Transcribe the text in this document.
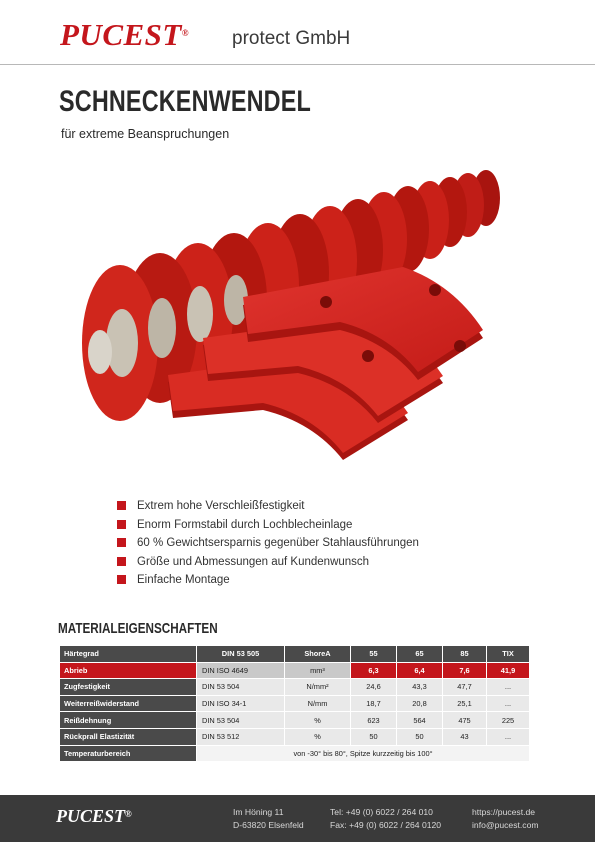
PUCEST® protect GmbH
SCHNECKENWENDEL
für extreme Beanspruchungen
Extrem hohe Verschleißfestigkeit
Enorm Formstabil durch Lochblecheinlage
60 % Gewichtsersparnis gegenüber Stahlausführungen
Größe und Abmessungen auf Kundenwunsch
Einfache Montage
MATERIALEIGENSCHAFTEN
Härtegrad	DIN 53 505	ShoreA	55	65	85	TIX
Abrieb	DIN ISO 4649	mm³	6,3	6,4	7,6	41,9
Zugfestigkeit	DIN 53 504	N/mm²	24,6	43,3	47,7	...
Weiterreißwiderstand	DIN ISO 34-1	N/mm	18,7	20,8	25,1	...
Reißdehnung	DIN 53 504	%	623	564	475	225
Rückprall Elastizität	DIN 53 512	%	50	50	43	...
Temperaturbereich	von -30° bis 80°, Spitze kurzzeitig bis 100°					
PUCEST®	Im Höning 11
D-63820 Elsenfeld
Tel: +49 (0) 6022 / 264 010
Fax: +49 (0) 6022 / 264 0120
https://pucest.de
info@pucest.com
